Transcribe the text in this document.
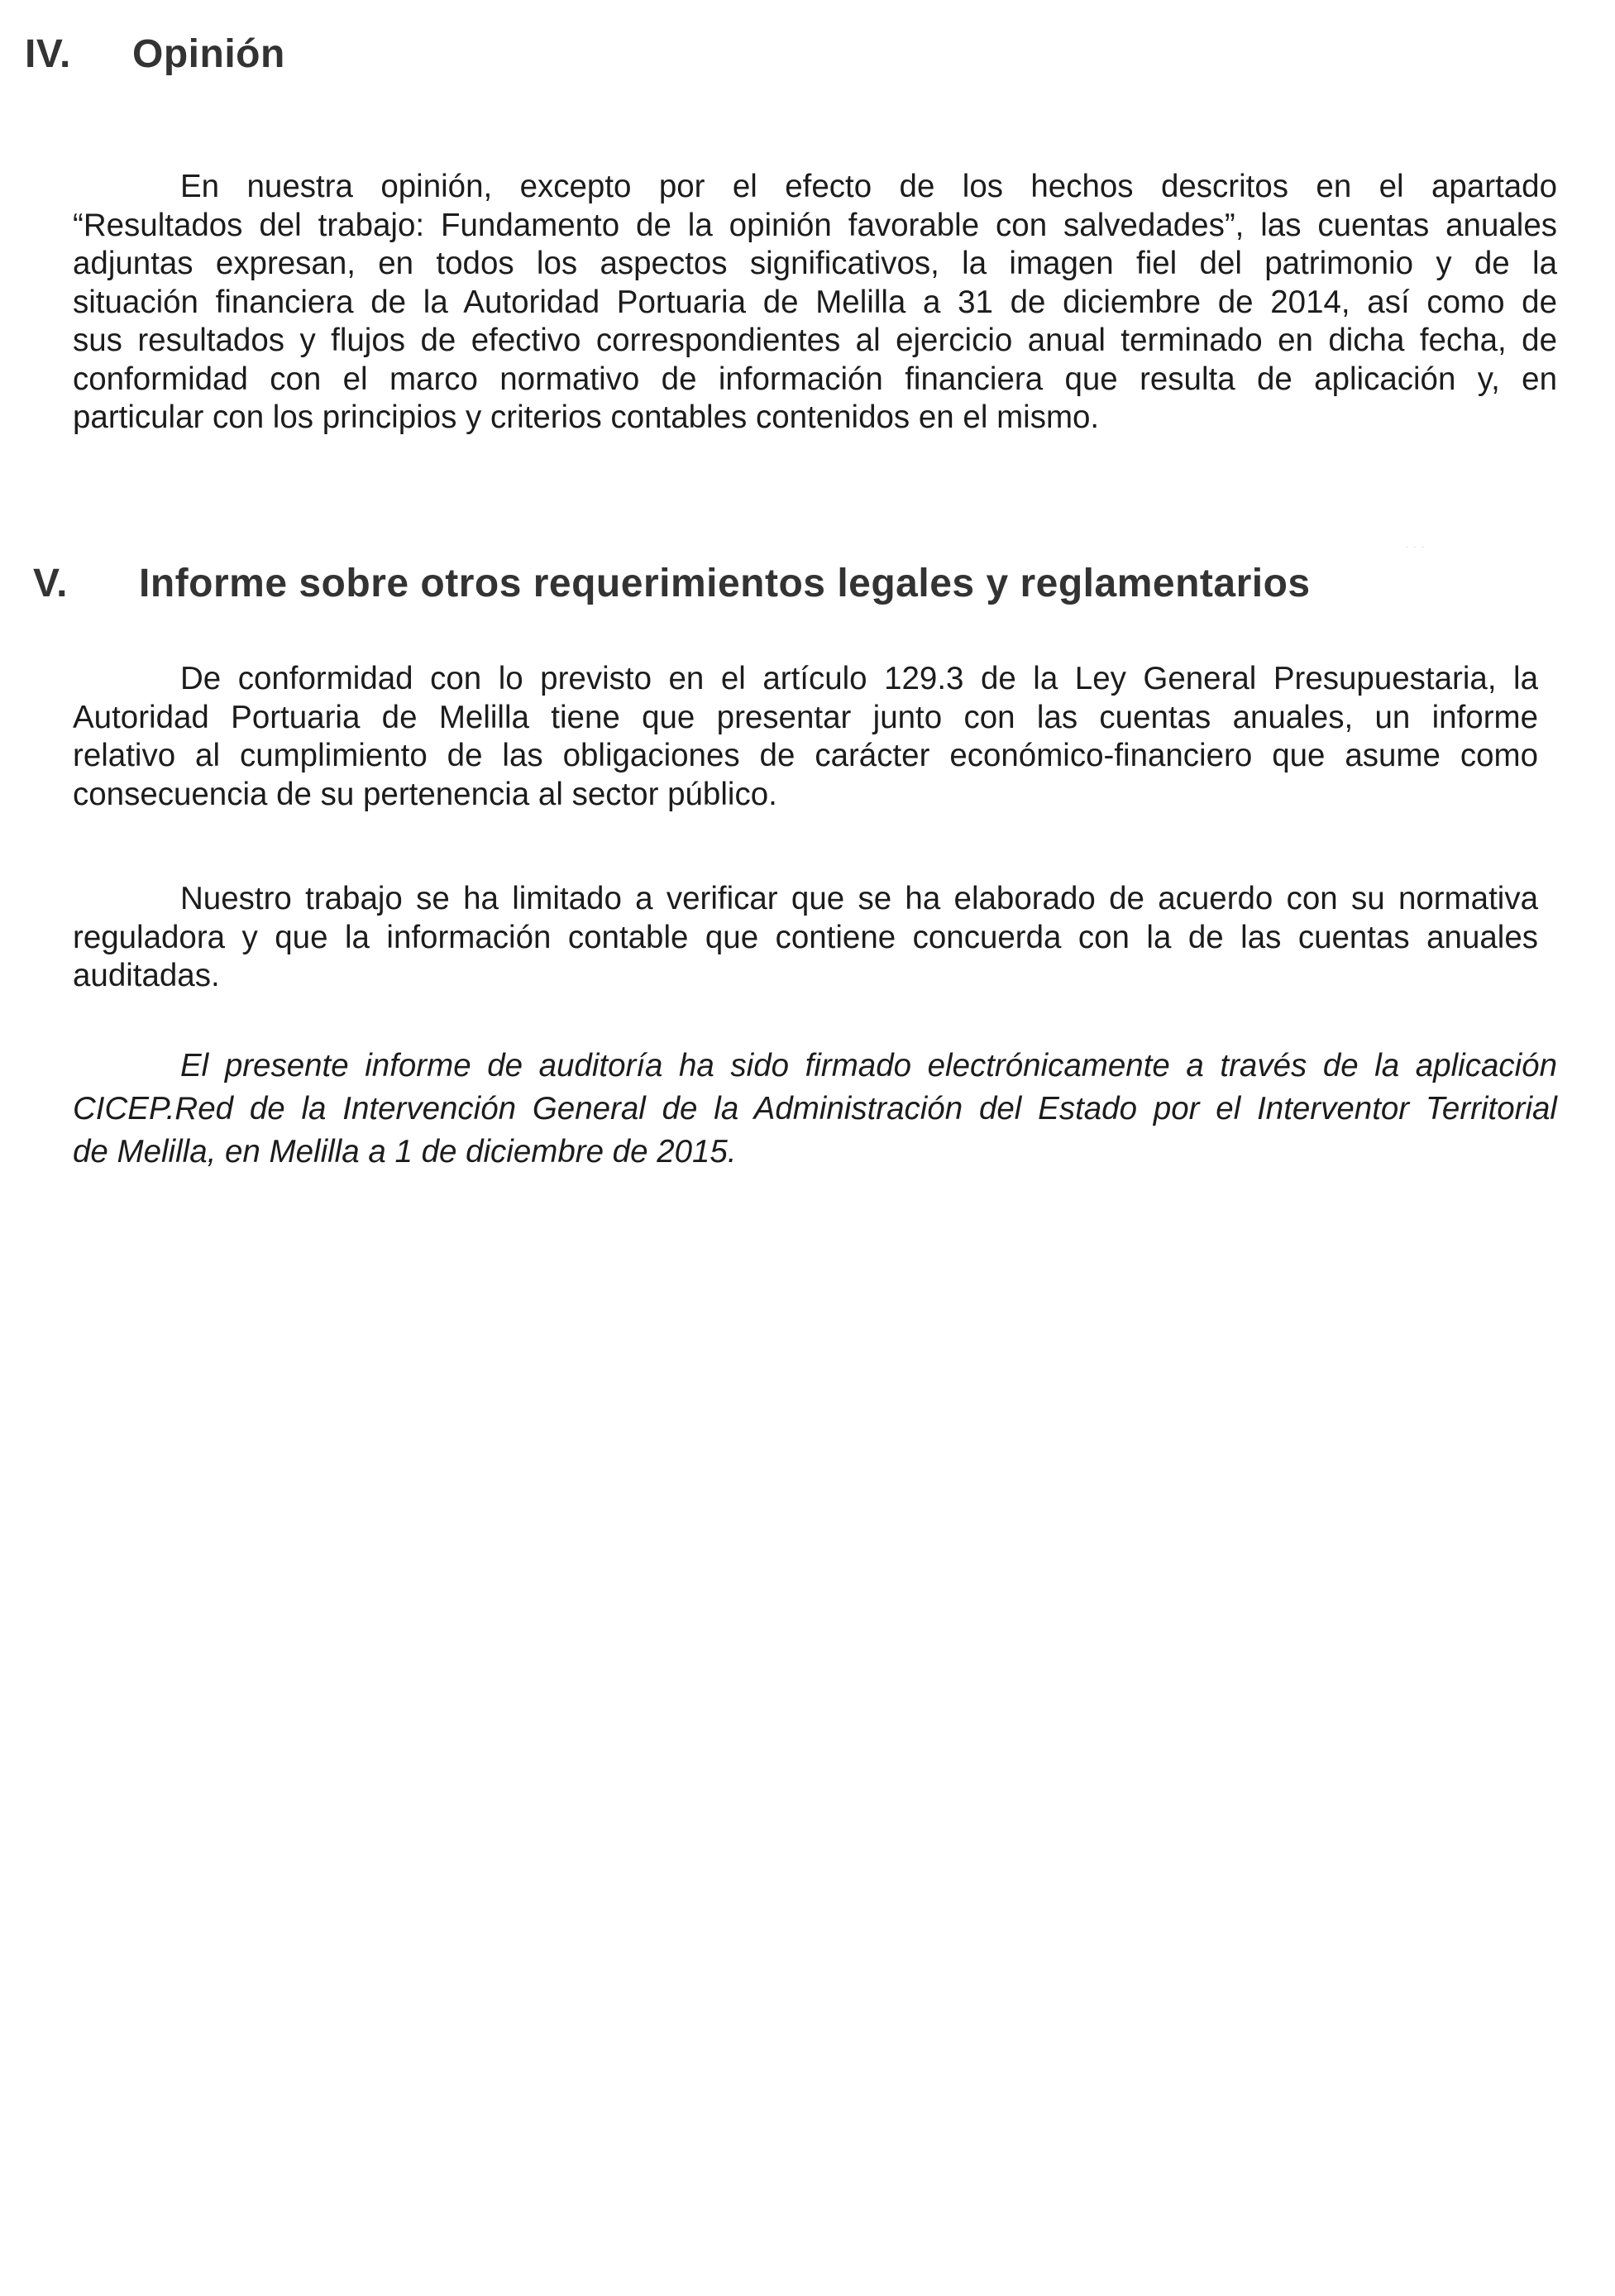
IV. Opinión
En nuestra opinión, excepto por el efecto de los hechos descritos en el apartado
“Resultados del trabajo: Fundamento de la opinión favorable con salvedades”, las cuentas anuales
adjuntas expresan, en todos los aspectos significativos, la imagen fiel del patrimonio y de la
situación financiera de la Autoridad Portuaria de Melilla a 31 de diciembre de 2014, así como de
sus resultados y flujos de efectivo correspondientes al ejercicio anual terminado en dicha fecha, de
conformidad con el marco normativo de información financiera que resulta de aplicación y, en
particular con los principios y criterios contables contenidos en el mismo.
···
V. Informe sobre otros requerimientos legales y reglamentarios
De conformidad con lo previsto en el artículo 129.3 de la Ley General Presupuestaria, la
Autoridad Portuaria de Melilla tiene que presentar junto con las cuentas anuales, un informe
relativo al cumplimiento de las obligaciones de carácter económico-financiero que asume como
consecuencia de su pertenencia al sector público.
Nuestro trabajo se ha limitado a verificar que se ha elaborado de acuerdo con su normativa
reguladora y que la información contable que contiene concuerda con la de las cuentas anuales
auditadas.
El presente informe de auditoría ha sido firmado electrónicamente a través de la aplicación
CICEP.Red de la Intervención General de la Administración del Estado por el Interventor Territorial
de Melilla, en Melilla a 1 de diciembre de 2015.
